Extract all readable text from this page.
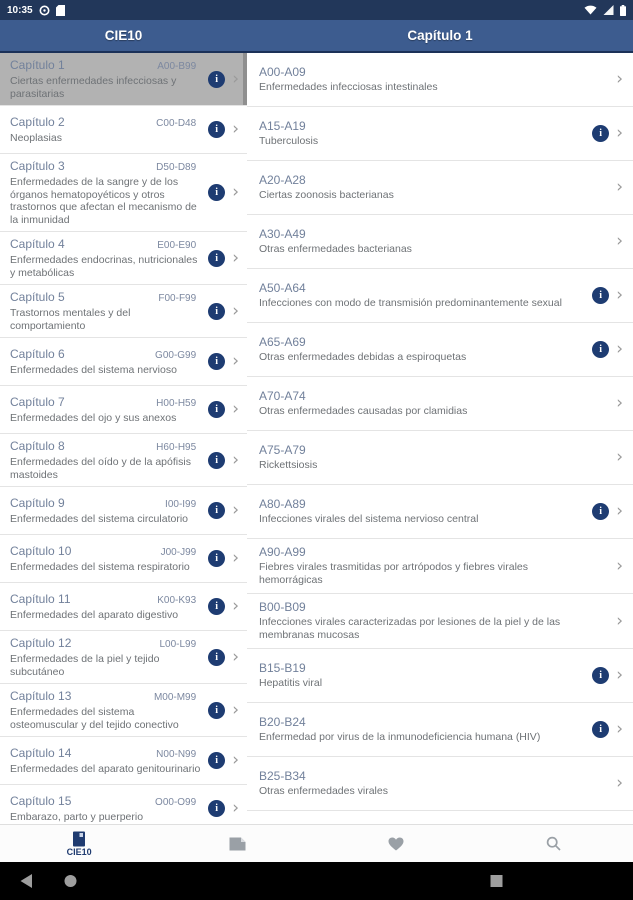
10:35
CIE10	Capítulo 1
Capítulo 1	A00-B99
Ciertas enfermedades infecciosas y parasitarias
i ›
Capítulo 2	C00-D48
Neoplasias
i ›
Capítulo 3	D50-D89
Enfermedades de la sangre y de los órganos hematopoyéticos y otros trastornos que afectan el mecanismo de la inmunidad
i ›
Capítulo 4	E00-E90
Enfermedades endocrinas, nutricionales y metabólicas
i ›
Capítulo 5	F00-F99
Trastornos mentales y del comportamiento
i ›
Capítulo 6	G00-G99
Enfermedades del sistema nervioso
i ›
Capítulo 7	H00-H59
Enfermedades del ojo y sus anexos
i ›
Capítulo 8	H60-H95
Enfermedades del oído y de la apófisis mastoides
i ›
Capítulo 9	I00-I99
Enfermedades del sistema circulatorio
i ›
Capítulo 10	J00-J99
Enfermedades del sistema respiratorio
i ›
Capítulo 11	K00-K93
Enfermedades del aparato digestivo
i ›
Capítulo 12	L00-L99
Enfermedades de la piel y tejido subcutáneo
i ›
Capítulo 13	M00-M99
Enfermedades del sistema osteomuscular y del tejido conectivo
i ›
Capítulo 14	N00-N99
Enfermedades del aparato genitourinario
i ›
Capítulo 15	O00-O99
Embarazo, parto y puerperio
i ›
A00-A09
Enfermedades infecciosas intestinales	›
A15-A19
Tuberculosis
i ›
A20-A28
Ciertas zoonosis bacterianas	›
A30-A49
Otras enfermedades bacterianas	›
A50-A64
Infecciones con modo de transmisión predominantemente sexual
i ›
A65-A69
Otras enfermedades debidas a espiroquetas
i ›
A70-A74
Otras enfermedades causadas por clamidias	›
A75-A79
Rickettsiosis	›
A80-A89
Infecciones virales del sistema nervioso central
i ›
A90-A99
Fiebres virales trasmitidas por artrópodos y fiebres virales hemorrágicas
›
B00-B09
Infecciones virales caracterizadas por lesiones de la piel y de las membranas mucosas
›
B15-B19
Hepatitis viral
i ›
B20-B24
Enfermedad por virus de la inmunodeficiencia humana (HIV)
i ›
B25-B34
Otras enfermedades virales	›
CIE10
